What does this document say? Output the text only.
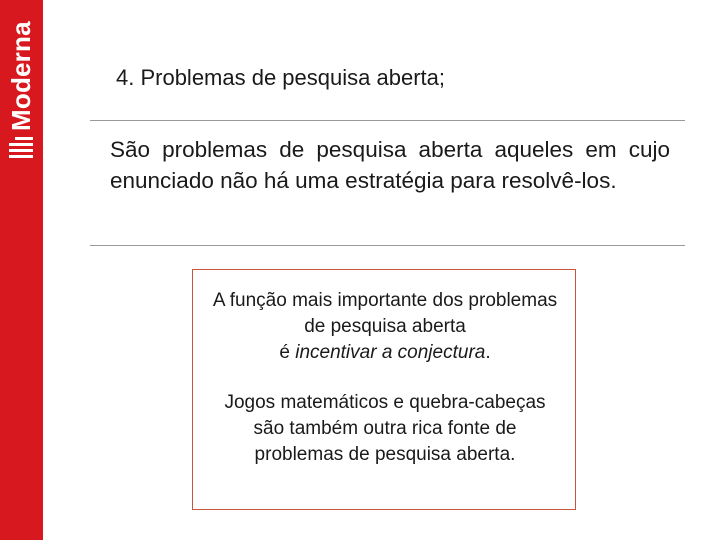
Moderna	4. Problemas de pesquisa aberta;

São problemas de pesquisa aberta aqueles em cujo enunciado não há uma estratégia para resolvê-los.

A função mais importante dos problemas de pesquisa aberta
é incentivar a conjectura.

Jogos matemáticos e quebra-cabeças são também outra rica fonte de problemas de pesquisa aberta.
